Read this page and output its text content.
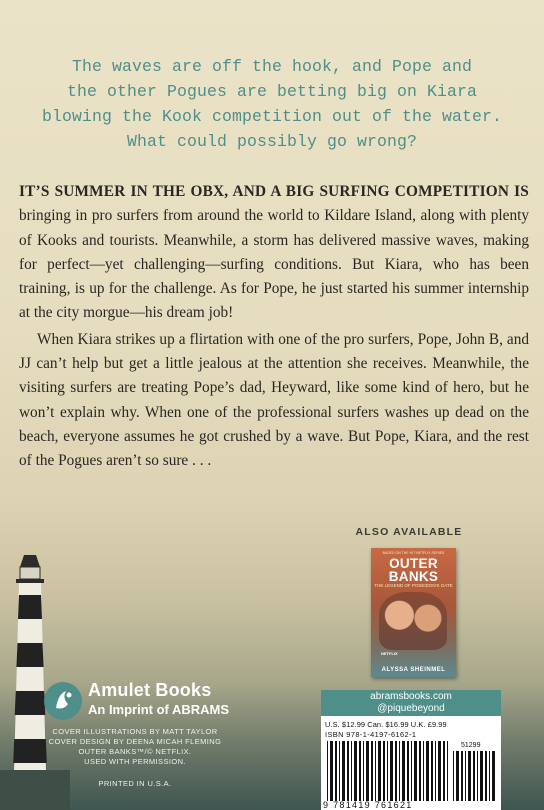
The waves are off the hook, and Pope and
the other Pogues are betting big on Kiara
blowing the Kook competition out of the water.
What could possibly go wrong?

IT’S SUMMER IN THE OBX, AND A BIG SURFING COMPETITION IS bringing in pro surfers from around the world to Kildare Island, along with plenty of Kooks and tourists. Meanwhile, a storm has delivered massive waves, making for perfect—yet challenging—surfing conditions. But Kiara, who has been training, is up for the challenge. As for Pope, he just started his summer internship at the city morgue—his dream job!

When Kiara strikes up a flirtation with one of the pro surfers, Pope, John B, and JJ can’t help but get a little jealous at the attention she receives. Meanwhile, the visiting surfers are treating Pope’s dad, Heyward, like some kind of hero, but he won’t explain why. When one of the professional surfers washes up dead on the beach, everyone assumes he got crushed by a wave. But Pope, Kiara, and the rest of the Pogues aren’t so sure . . .

ALSO AVAILABLE
BASED ON THE HIT NETFLIX SERIES
OUTER
BANKS
THE LEGEND OF POSEIDON'S GATE
NETFLIX
ALYSSA SHEINMEL
Amulet Books
An Imprint of ABRAMS
COVER ILLUSTRATIONS BY MATT TAYLOR
COVER DESIGN BY DEENA MICAH FLEMING
OUTER BANKS™/© NETFLIX.
USED WITH PERMISSION.
PRINTED IN U.S.A.
abramsbooks.com
@piquebeyond
U.S. $12.99 Can. $16.99 U.K. £9.99
ISBN 978-1-4197-6162-1
51299
9 781419 761621
